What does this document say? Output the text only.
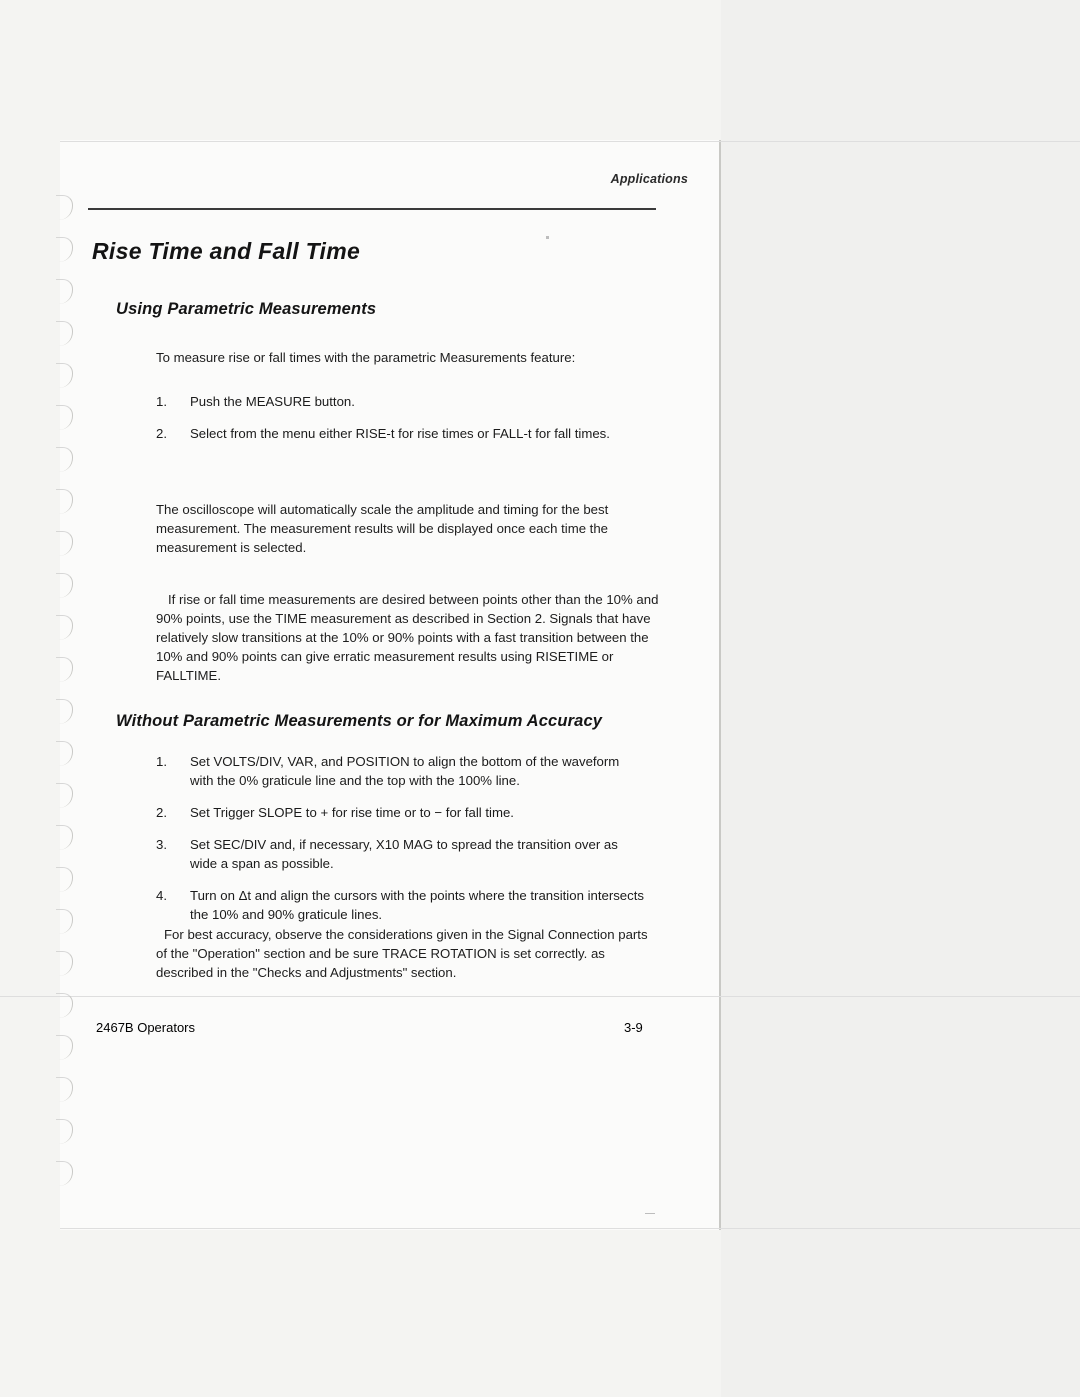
Applications
Rise Time and Fall Time
Using Parametric Measurements

To measure rise or fall times with the parametric Measurements feature:

1.	Push the MEASURE button.
2.	Select from the menu either RISE-t for rise times or FALL-t for fall times.

The oscilloscope will automatically scale the amplitude and timing for the best measurement. The measurement results will be displayed once each time the measurement is selected.

If rise or fall time measurements are desired between points other than the 10% and 90% points, use the TIME measurement as described in Section 2. Signals that have relatively slow transitions at the 10% or 90% points with a fast transition between the 10% and 90% points can give erratic measurement results using RISETIME or FALLTIME.

Without Parametric Measurements or for Maximum Accuracy
1.	Set VOLTS/DIV, VAR, and POSITION to align the bottom of the waveform with the 0% graticule line and the top with the 100% line.
2.	Set Trigger SLOPE to + for rise time or to − for fall time.
3.	Set SEC/DIV and, if necessary, X10 MAG to spread the transition over as wide a span as possible.
4.	Turn on Δt and align the cursors with the points where the transition intersects the 10% and 90% graticule lines.

For best accuracy, observe the considerations given in the Signal Connection parts of the "Operation" section and be sure TRACE ROTATION is set correctly. as described in the "Checks and Adjustments" section.

2467B Operators	3-9
